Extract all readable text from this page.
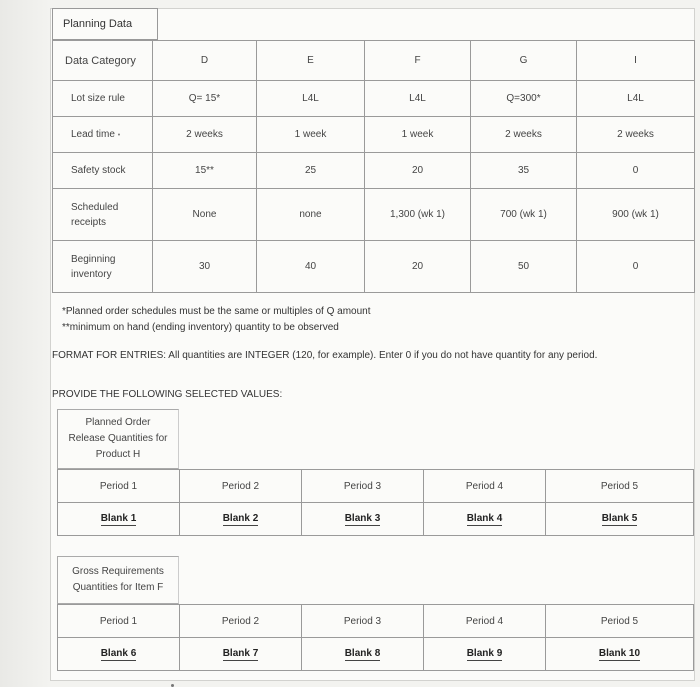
Planning Data
Data Category	D	E	F	G	I
Lot size rule	Q= 15*	L4L	L4L	Q=300*	L4L
Lead time •	2 weeks	1 week	1 week	2 weeks	2 weeks
Safety stock	15**	25	20	35	0
Scheduled
receipts	None	none	1,300 (wk 1)	700 (wk 1)	900 (wk 1)
Beginning
inventory	30	40	20	50	0
*Planned order schedules must be the same or multiples of Q amount
**minimum on hand (ending inventory) quantity to be observed
FORMAT FOR ENTRIES: All quantities are INTEGER (120, for example). Enter 0 if you do not have quantity for any period.
PROVIDE THE FOLLOWING SELECTED VALUES:
Planned Order
Release Quantities for
Product H
Period 1	Period 2	Period 3	Period 4	Period 5
Blank 1	Blank 2	Blank 3	Blank 4	Blank 5
Gross Requirements
Quantities for Item F
Period 1	Period 2	Period 3	Period 4	Period 5
Blank 6	Blank 7	Blank 8	Blank 9	Blank 10
